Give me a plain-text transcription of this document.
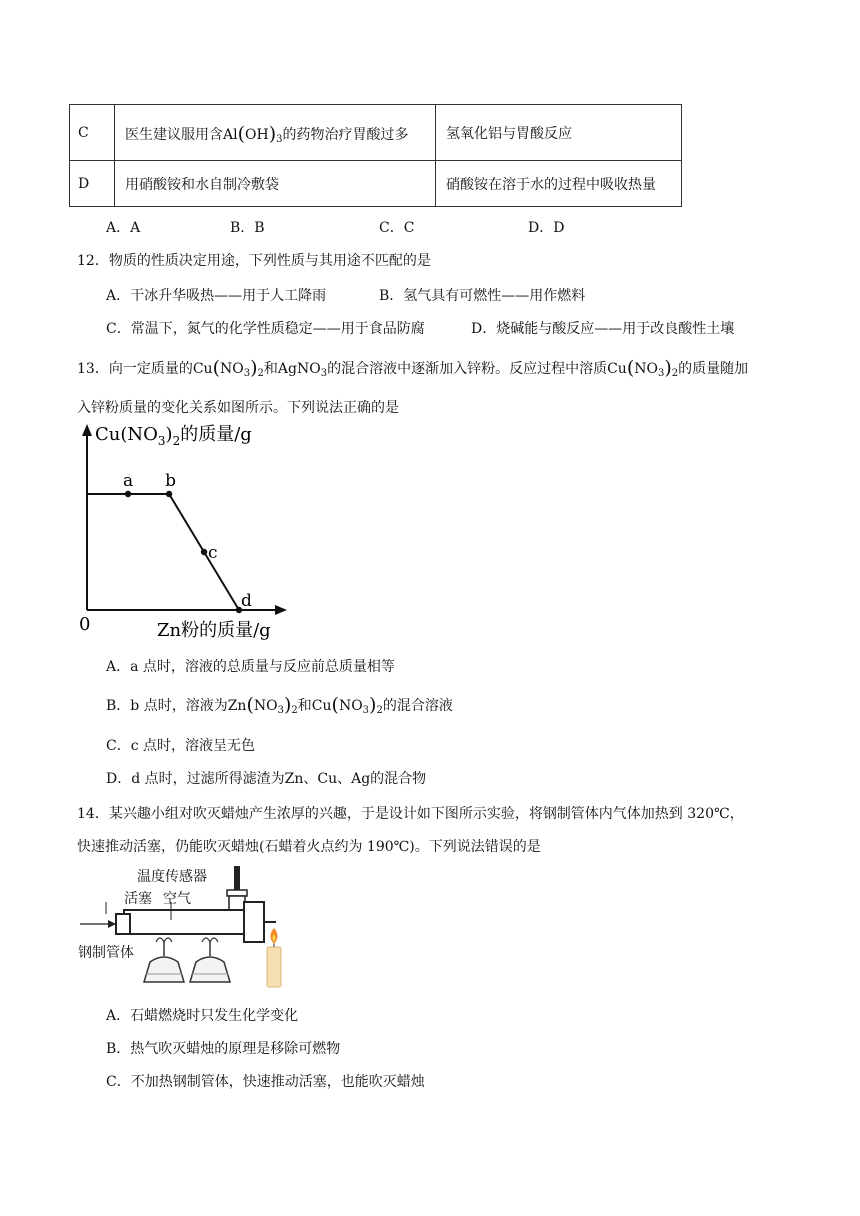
C	医生建议服用含$Al(OH)_3$的药物治疗胃酸过多	氢氧化铝与胃酸反应
D	用硝酸铵和水自制冷敷袋	硝酸铵在溶于水的过程中吸收热量
A．A	B．B	C．C	D．D
12．物质的性质决定用途，下列性质与其用途不匹配的是
A．干冰升华吸热——用于人工降雨	B．氢气具有可燃性——用作燃料
C．常温下，氮气的化学性质稳定——用于食品防腐	D．烧碱能与酸反应——用于改良酸性土壤
13．向一定质量的$Cu(NO_3)_2$和AgNO$_3$的混合溶液中逐渐加入锌粉。反应过程中溶质$Cu(NO_3)_2$的质量随加
入锌粉质量的变化关系如图所示。下列说法正确的是
$Cu(NO_3)_2$的质量/g
Zn粉的质量/g
0
a b
c
d
A．a 点时，溶液的总质量与反应前总质量相等
B．b 点时，溶液为$Zn(NO_3)_2$和$Cu(NO_3)_2$的混合溶液
C．c 点时，溶液呈无色
D．d 点时，过滤所得滤渣为Zn、Cu、Ag的混合物
14．某兴趣小组对吹灭蜡烛产生浓厚的兴趣，于是设计如下图所示实验，将钢制管体内气体加热到 320℃，
快速推动活塞，仍能吹灭蜡烛(石蜡着火点约为 190℃)。下列说法错误的是
温度传感器
活塞 空气
钢制管体
A．石蜡燃烧时只发生化学变化
B．热气吹灭蜡烛的原理是移除可燃物
C．不加热钢制管体，快速推动活塞，也能吹灭蜡烛
